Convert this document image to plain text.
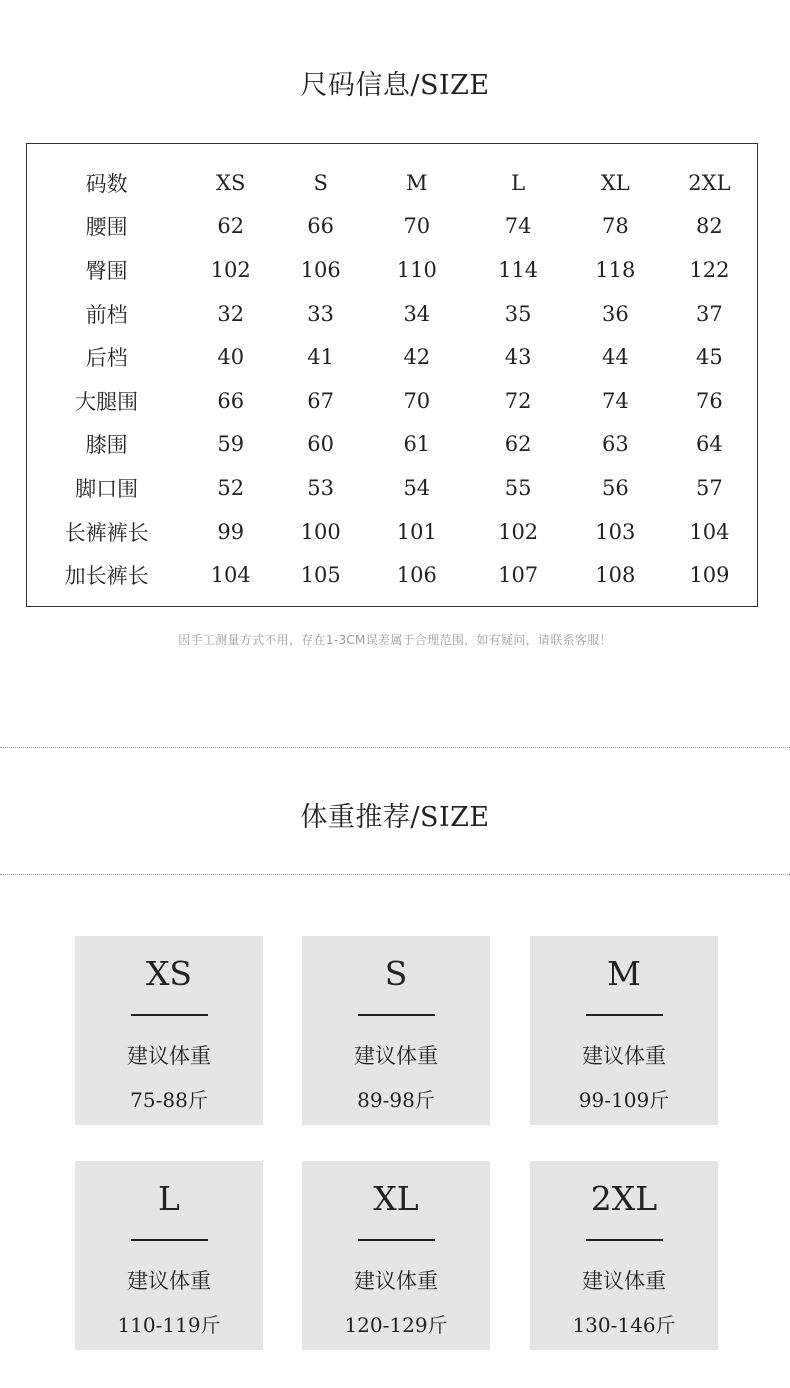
尺码信息/SIZE
码数	XS	S	M	L	XL	2XL
腰围	62	66	70	74	78	82
臀围	102	106	110	114	118	122
前档	32	33	34	35	36	37
后档	40	41	42	43	44	45
大腿围	66	67	70	72	74	76
膝围	59	60	61	62	63	64
脚口围	52	53	54	55	56	57
长裤裤长	99	100	101	102	103	104
加长裤长	104	105	106	107	108	109
因手工测量方式不用，存在1-3CM误差属于合理范围，如有疑问，请联系客服！
体重推荐/SIZE
XS
建议体重
75-88斤
S
建议体重
89-98斤
M
建议体重
99-109斤
L
建议体重
110-119斤
XL
建议体重
120-129斤
2XL
建议体重
130-146斤
